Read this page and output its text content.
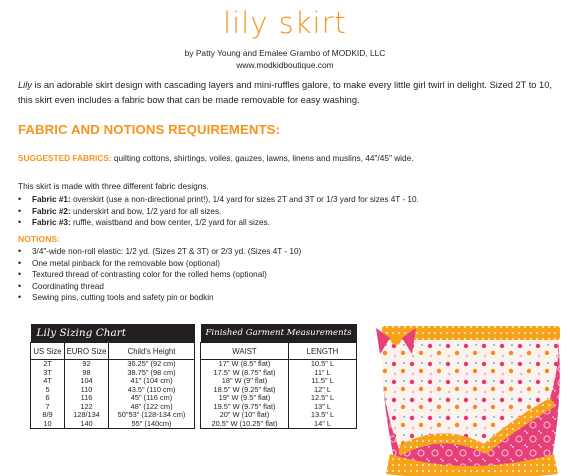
lily skirt

by Patty Young and Emalee Grambo of MODKID, LLC

www.modkidboutique.com

Lily is an adorable skirt design with cascading layers and mini-ruffles galore, to make every little girl twirl in delight. Sized 2T to 10, this skirt even includes a fabric bow that can be made removable for easy washing.

FABRIC AND NOTIONS REQUIREMENTS:

SUGGESTED FABRICS: quilting cottons, shirtings, voiles, gauzes, lawns, linens and muslins, 44"/45" wide.

This skirt is made with three different fabric designs.

• Fabric #1: overskirt (use a non-directional print!), 1/4 yard for sizes 2T and 3T or 1/3 yard for sizes 4T - 10.
• Fabric #2: underskirt and bow, 1/2 yard for all sizes.
• Fabric #3: ruffle, waistband and bow center, 1/2 yard for all sizes.

NOTIONS:

• 3/4"-wide non-roll elastic: 1/2 yd. (Sizes 2T & 3T) or 2/3 yd. (Sizes 4T - 10)
• One metal pinback for the removable bow (optional)
• Textured thread of contrasting color for the rolled hems (optional)
• Coordinating thread
• Sewing pins, cutting tools and safety pin or bodkin
Lily Sizing Chart				Finished Garment Measurements	
US Size	EURO Size	Child's Height		WAIST	LENGTH
2T	92	36.25" (92 cm)		17" W (8.5" flat)	10.5" L
3T	98	38.75" (98 cm)		17.5" W (8.75" flat)	11" L
4T	104	41" (104 cm)		18" W (9" flat)	11.5" L
5	110	43.5" (110 cm)		18.5" W (9.25" flat)	12" L
6	116	45" (116 cm)		19" W (9.5" flat)	12.5" L
7	122	48" (122 cm)		19.5" W (9.75" flat)	13" L
8/9	128/134	50"53" (128-134 cm)		20" W (10" flat)	13.5" L
10	140	55" (140cm)		20.5" W (10.25" flat)	14" L
